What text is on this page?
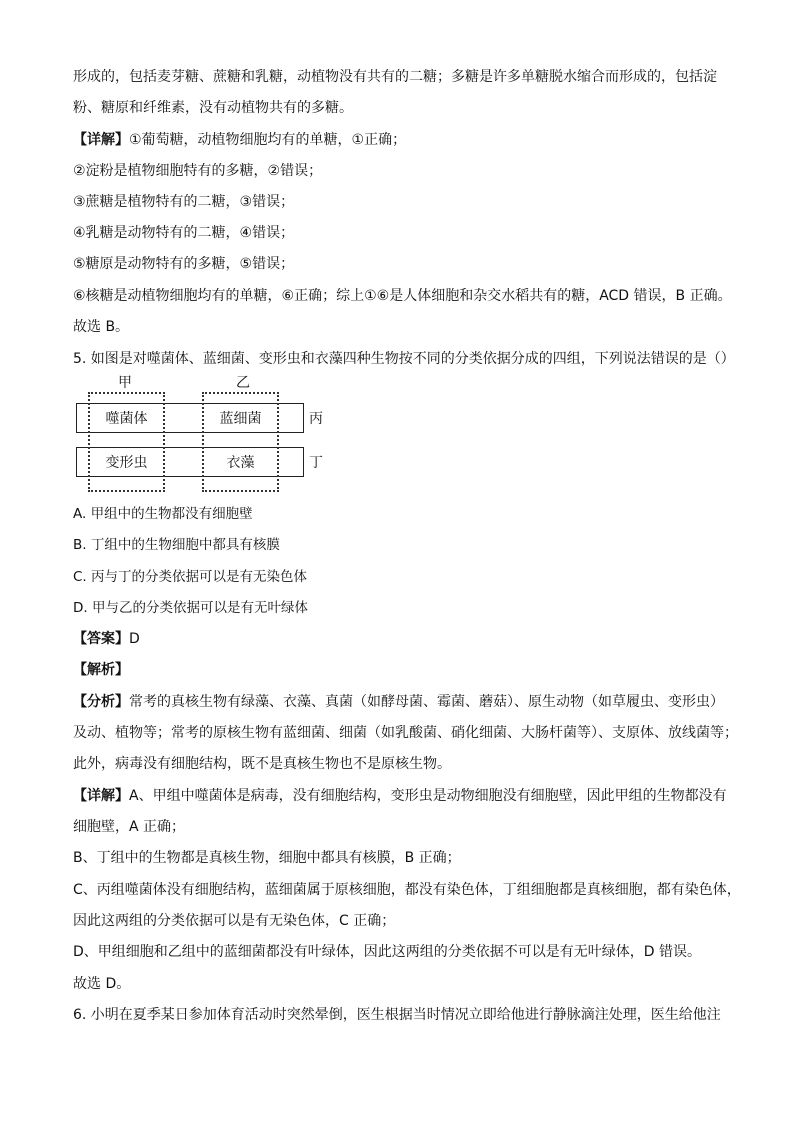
形成的，包括麦芽糖、蔗糖和乳糖，动植物没有共有的二糖；多糖是许多单糖脱水缩合而形成的，包括淀
粉、糖原和纤维素，没有动植物共有的多糖。
【详解】①葡萄糖，动植物细胞均有的单糖，①正确；
②淀粉是植物细胞特有的多糖，②错误；
③蔗糖是植物特有的二糖，③错误；
④乳糖是动物特有的二糖，④错误；
⑤糖原是动物特有的多糖，⑤错误；
⑥核糖是动植物细胞均有的单糖，⑥正确；综上①⑥是人体细胞和杂交水稻共有的糖，ACD 错误，B 正确。
故选 B。
5. 如图是对噬菌体、蓝细菌、变形虫和衣藻四种生物按不同的分类依据分成的四组，下列说法错误的是（）
甲	乙
噬菌体	蓝细菌
变形虫	衣藻
丙
丁
A. 甲组中的生物都没有细胞壁
B. 丁组中的生物细胞中都具有核膜
C. 丙与丁的分类依据可以是有无染色体
D. 甲与乙的分类依据可以是有无叶绿体
【答案】D
【解析】
【分析】常考的真核生物有绿藻、衣藻、真菌（如酵母菌、霉菌、蘑菇）、原生动物（如草履虫、变形虫）
及动、植物等；常考的原核生物有蓝细菌、细菌（如乳酸菌、硝化细菌、大肠杆菌等）、支原体、放线菌等；
此外，病毒没有细胞结构，既不是真核生物也不是原核生物。
【详解】A、甲组中噬菌体是病毒，没有细胞结构，变形虫是动物细胞没有细胞壁，因此甲组的生物都没有
细胞壁，A 正确；
B、丁组中的生物都是真核生物，细胞中都具有核膜，B 正确；
C、丙组噬菌体没有细胞结构，蓝细菌属于原核细胞，都没有染色体，丁组细胞都是真核细胞，都有染色体，
因此这两组的分类依据可以是有无染色体，C 正确；
D、甲组细胞和乙组中的蓝细菌都没有叶绿体，因此这两组的分类依据不可以是有无叶绿体，D 错误。
故选 D。
6. 小明在夏季某日参加体育活动时突然晕倒，医生根据当时情况立即给他进行静脉滴注处理，医生给他注
